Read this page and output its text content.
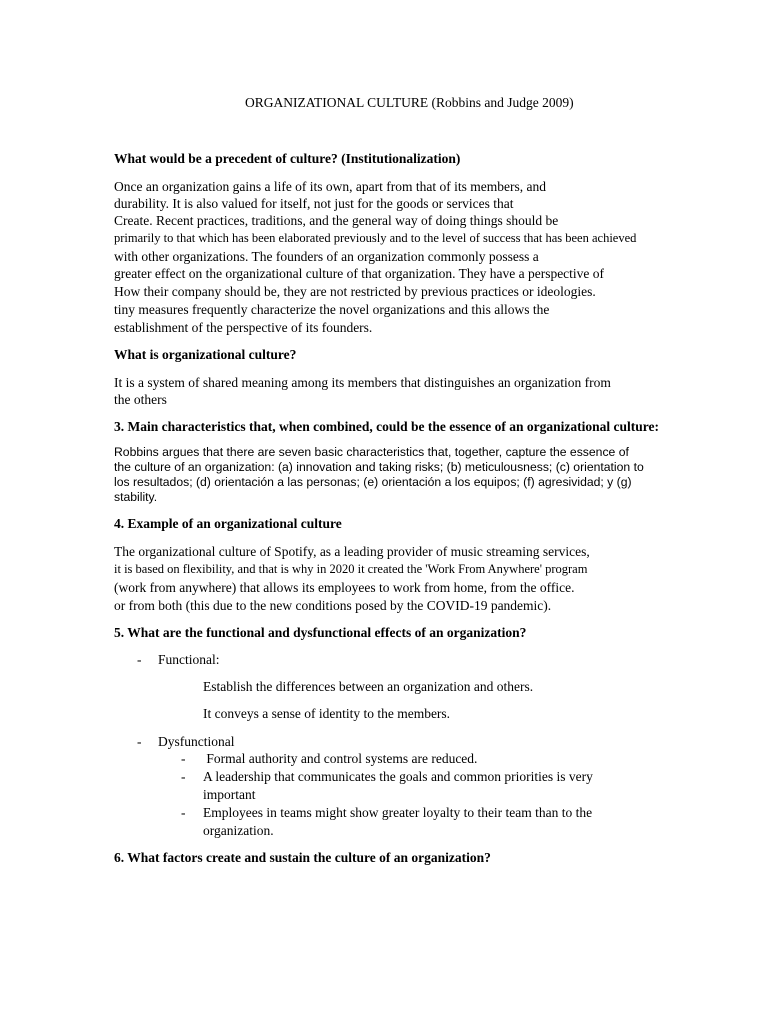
ORGANIZATIONAL CULTURE (Robbins and Judge 2009)
What would be a precedent of culture? (Institutionalization)
Once an organization gains a life of its own, apart from that of its members, and
durability. It is also valued for itself, not just for the goods or services that
Create. Recent practices, traditions, and the general way of doing things should be
primarily to that which has been elaborated previously and to the level of success that has been achieved
with other organizations. The founders of an organization commonly possess a
greater effect on the organizational culture of that organization. They have a perspective of
How their company should be, they are not restricted by previous practices or ideologies.
tiny measures frequently characterize the novel organizations and this allows the
establishment of the perspective of its founders.
What is organizational culture?
It is a system of shared meaning among its members that distinguishes an organization from
the others
3. Main characteristics that, when combined, could be the essence of an organizational culture:
Robbins argues that there are seven basic characteristics that, together, capture the essence of
the culture of an organization: (a) innovation and taking risks; (b) meticulousness; (c) orientation to
los resultados; (d) orientación a las personas; (e) orientación a los equipos; (f) agresividad; y (g)
stability.
4. Example of an organizational culture
The organizational culture of Spotify, as a leading provider of music streaming services,
it is based on flexibility, and that is why in 2020 it created the 'Work From Anywhere' program
(work from anywhere) that allows its employees to work from home, from the office.
or from both (this due to the new conditions posed by the COVID-19 pandemic).
5. What are the functional and dysfunctional effects of an organization?
- Functional:
Establish the differences between an organization and others.
It conveys a sense of identity to the members.
- Dysfunctional
- Formal authority and control systems are reduced.
- A leadership that communicates the goals and common priorities is very
important
- Employees in teams might show greater loyalty to their team than to the
organization.
6. What factors create and sustain the culture of an organization?
